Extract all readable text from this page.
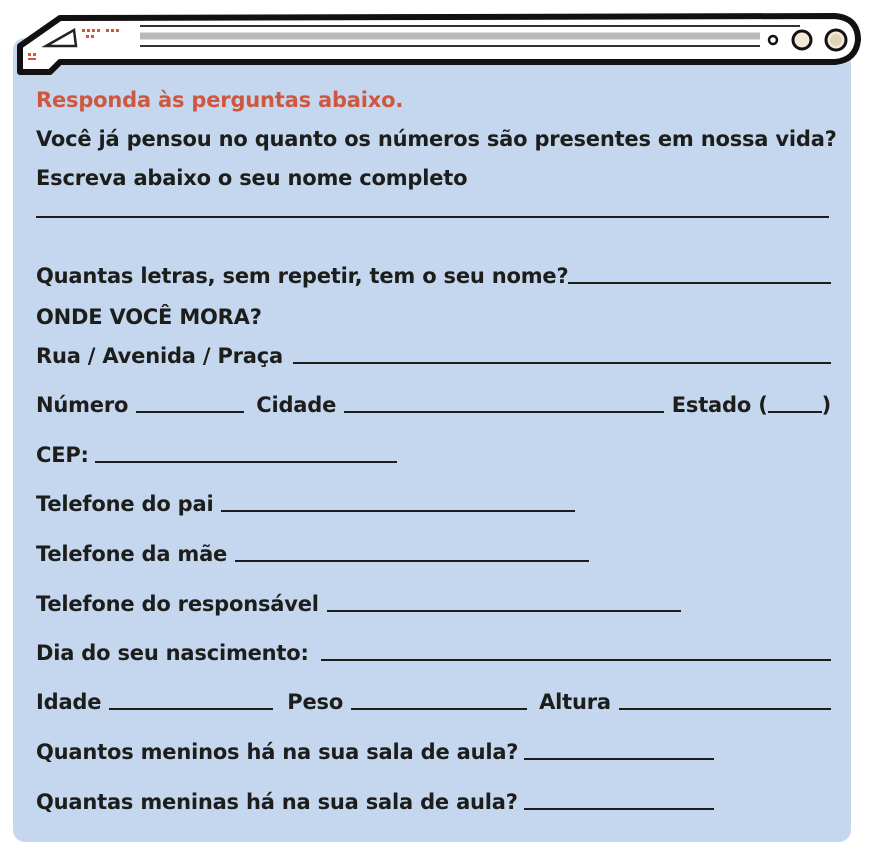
Responda às perguntas abaixo.
Você já pensou no quanto os números são presentes em nossa vida?
Escreva abaixo o seu nome completo
Quantas letras, sem repetir, tem o seu nome?
ONDE VOCÊ MORA?
Rua / Avenida / Praça
Número	Cidade	Estado (	)
CEP:
Telefone do pai
Telefone da mãe
Telefone do responsável
Dia do seu nascimento:
Idade	Peso	Altura
Quantos meninos há na sua sala de aula?
Quantas meninas há na sua sala de aula?
